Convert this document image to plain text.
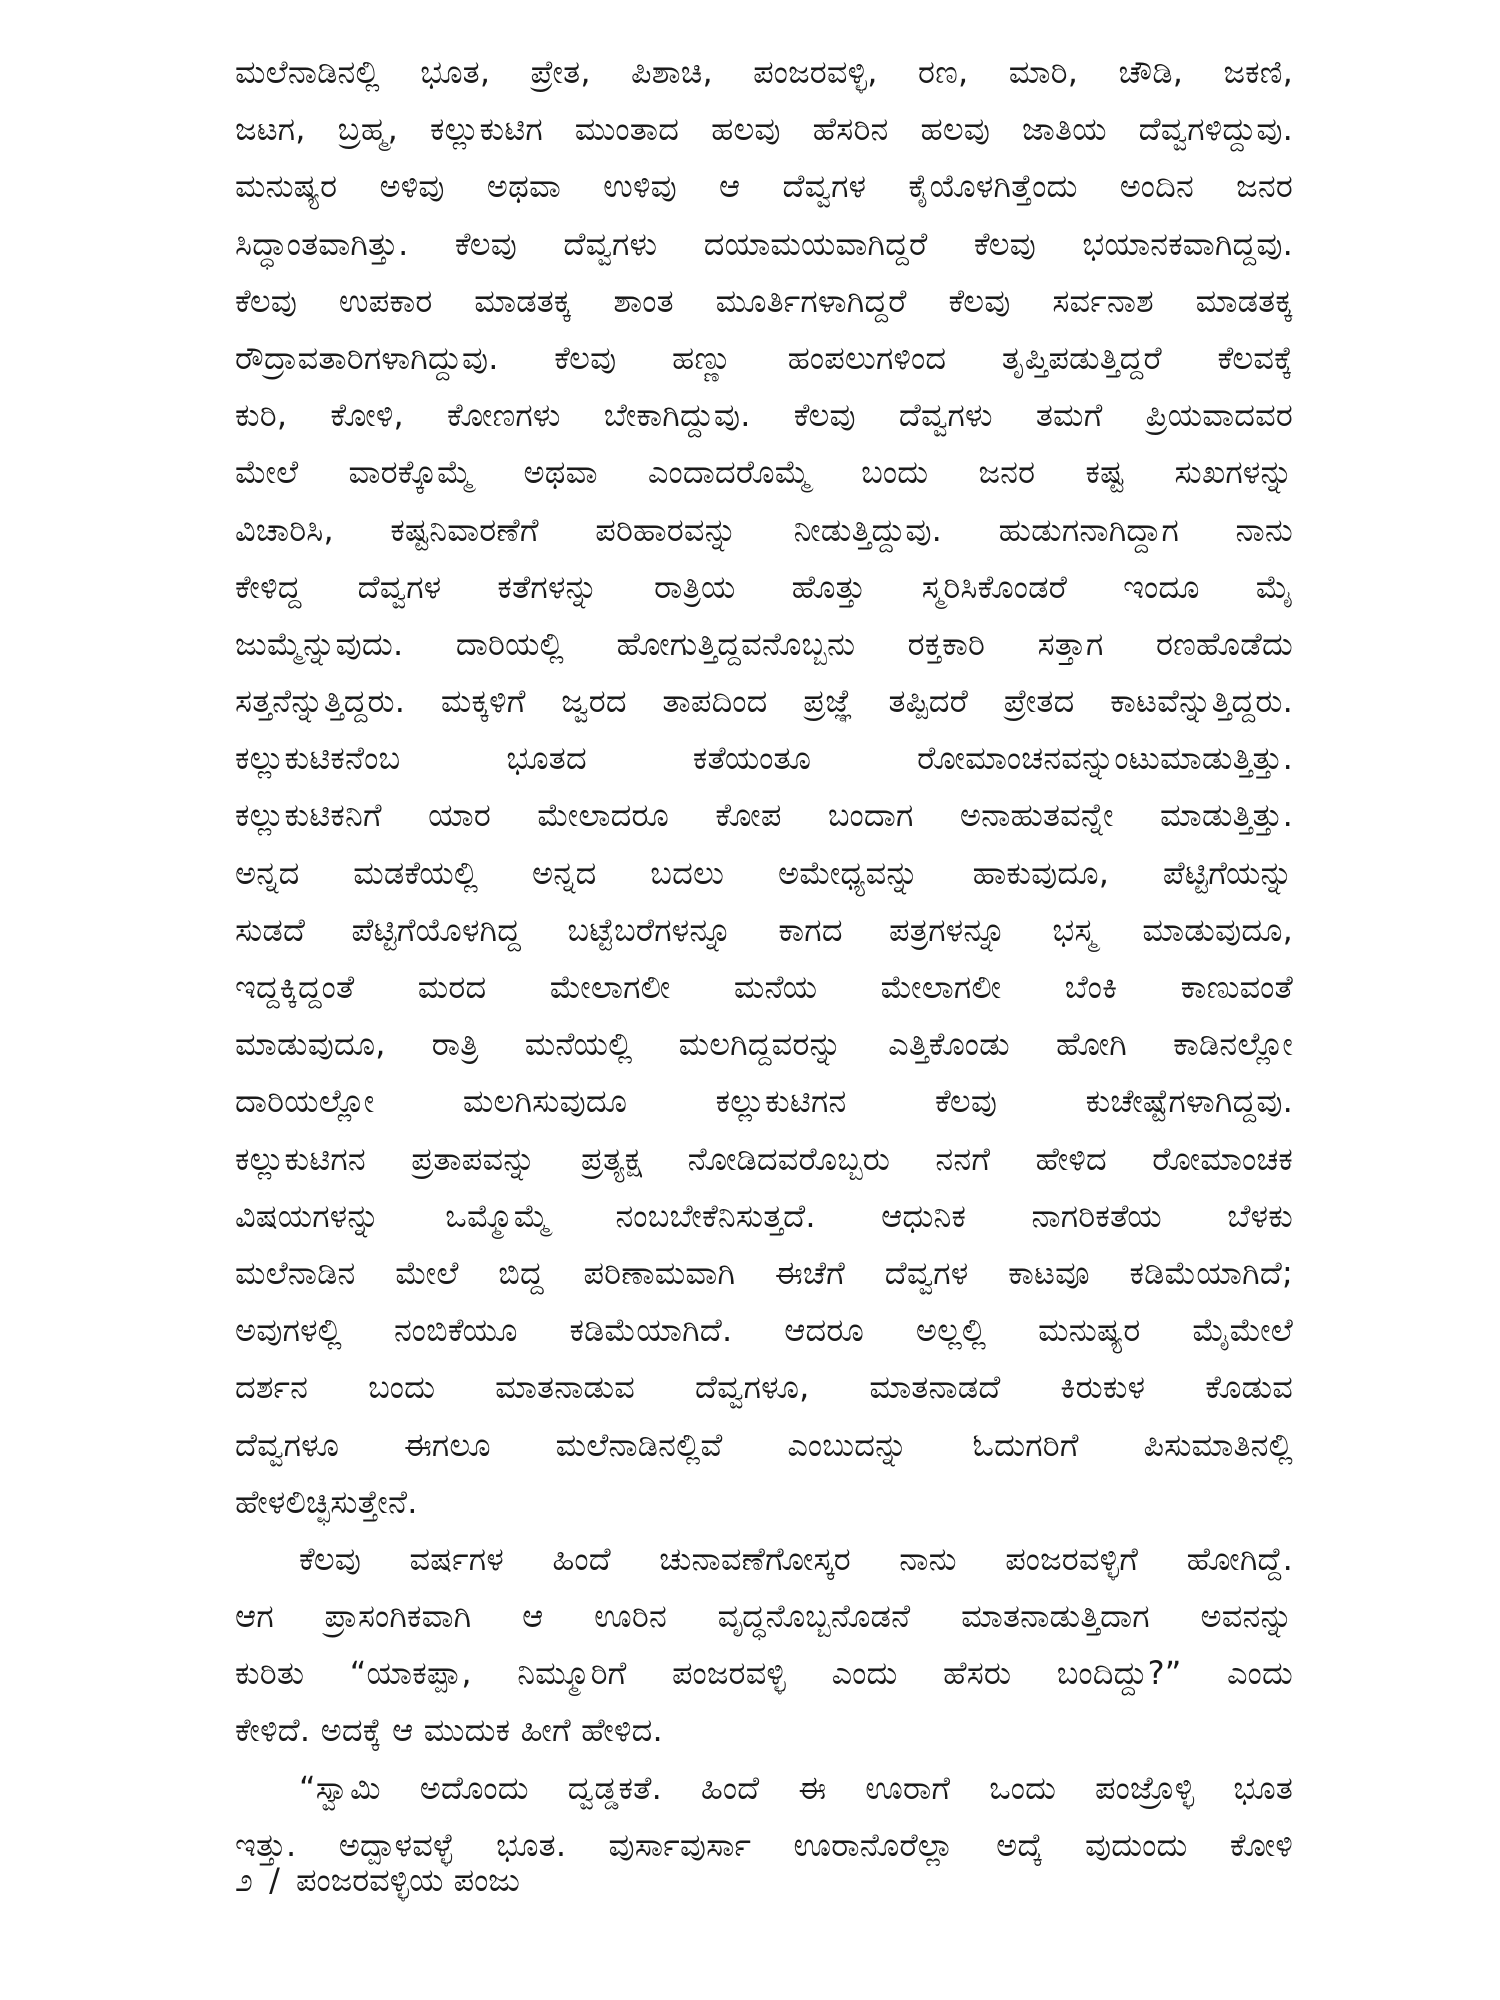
ಮಲೆನಾಡಿನಲ್ಲಿ ಭೂತ, ಪ್ರೇತ, ಪಿಶಾಚಿ, ಪಂಜರವಳ್ಳಿ, ರಣ, ಮಾರಿ, ಚೌಡಿ, ಜಕಣಿ,
ಜಟಗ, ಬ್ರಹ್ಮ, ಕಲ್ಲುಕುಟಿಗ ಮುಂತಾದ ಹಲವು ಹೆಸರಿನ ಹಲವು ಜಾತಿಯ ದೆವ್ವಗಳಿದ್ದುವು.
ಮನುಷ್ಯರ ಅಳಿವು ಅಥವಾ ಉಳಿವು ಆ ದೆವ್ವಗಳ ಕೈಯೊಳಗಿತ್ತೆಂದು ಅಂದಿನ ಜನರ
ಸಿದ್ಧಾಂತವಾಗಿತ್ತು. ಕೆಲವು ದೆವ್ವಗಳು ದಯಾಮಯವಾಗಿದ್ದರೆ ಕೆಲವು ಭಯಾನಕವಾಗಿದ್ದವು.
ಕೆಲವು ಉಪಕಾರ ಮಾಡತಕ್ಕ ಶಾಂತ ಮೂರ್ತಿಗಳಾಗಿದ್ದರೆ ಕೆಲವು ಸರ್ವನಾಶ ಮಾಡತಕ್ಕ
ರೌದ್ರಾವತಾರಿಗಳಾಗಿದ್ದುವು. ಕೆಲವು ಹಣ್ಣು ಹಂಪಲುಗಳಿಂದ ತೃಪ್ತಿಪಡುತ್ತಿದ್ದರೆ ಕೆಲವಕ್ಕೆ
ಕುರಿ, ಕೋಳಿ, ಕೋಣಗಳು ಬೇಕಾಗಿದ್ದುವು. ಕೆಲವು ದೆವ್ವಗಳು ತಮಗೆ ಪ್ರಿಯವಾದವರ
ಮೇಲೆ ವಾರಕ್ಕೊಮ್ಮೆ ಅಥವಾ ಎಂದಾದರೊಮ್ಮೆ ಬಂದು ಜನರ ಕಷ್ಟ ಸುಖಗಳನ್ನು
ವಿಚಾರಿಸಿ, ಕಷ್ಟನಿವಾರಣೆಗೆ ಪರಿಹಾರವನ್ನು ನೀಡುತ್ತಿದ್ದುವು. ಹುಡುಗನಾಗಿದ್ದಾಗ ನಾನು
ಕೇಳಿದ್ದ ದೆವ್ವಗಳ ಕತೆಗಳನ್ನು ರಾತ್ರಿಯ ಹೊತ್ತು ಸ್ಮರಿಸಿಕೊಂಡರೆ ಇಂದೂ ಮೈ
ಜುಮ್ಮೆನ್ನುವುದು. ದಾರಿಯಲ್ಲಿ ಹೋಗುತ್ತಿದ್ದವನೊಬ್ಬನು ರಕ್ತಕಾರಿ ಸತ್ತಾಗ ರಣಹೊಡೆದು
ಸತ್ತನೆನ್ನುತ್ತಿದ್ದರು. ಮಕ್ಕಳಿಗೆ ಜ್ವರದ ತಾಪದಿಂದ ಪ್ರಜ್ಞೆ ತಪ್ಪಿದರೆ ಪ್ರೇತದ ಕಾಟವೆನ್ನುತ್ತಿದ್ದರು.
ಕಲ್ಲುಕುಟಿಕನೆಂಬ ಭೂತದ ಕತೆಯಂತೂ ರೋಮಾಂಚನವನ್ನುಂಟುಮಾಡುತ್ತಿತ್ತು.
ಕಲ್ಲುಕುಟಿಕನಿಗೆ ಯಾರ ಮೇಲಾದರೂ ಕೋಪ ಬಂದಾಗ ಅನಾಹುತವನ್ನೇ ಮಾಡುತ್ತಿತ್ತು.
ಅನ್ನದ ಮಡಕೆಯಲ್ಲಿ ಅನ್ನದ ಬದಲು ಅಮೇಧ್ಯವನ್ನು ಹಾಕುವುದೂ, ಪೆಟ್ಟಿಗೆಯನ್ನು
ಸುಡದೆ ಪೆಟ್ಟಿಗೆಯೊಳಗಿದ್ದ ಬಟ್ಟೆಬರೆಗಳನ್ನೂ ಕಾಗದ ಪತ್ರಗಳನ್ನೂ ಭಸ್ಮ ಮಾಡುವುದೂ,
ಇದ್ದಕ್ಕಿದ್ದಂತೆ ಮರದ ಮೇಲಾಗಲೀ ಮನೆಯ ಮೇಲಾಗಲೀ ಬೆಂಕಿ ಕಾಣುವಂತೆ
ಮಾಡುವುದೂ, ರಾತ್ರಿ ಮನೆಯಲ್ಲಿ ಮಲಗಿದ್ದವರನ್ನು ಎತ್ತಿಕೊಂಡು ಹೋಗಿ ಕಾಡಿನಲ್ಲೋ
ದಾರಿಯಲ್ಲೋ ಮಲಗಿಸುವುದೂ ಕಲ್ಲುಕುಟಿಗನ ಕೆಲವು ಕುಚೇಷ್ಟೆಗಳಾಗಿದ್ದವು.
ಕಲ್ಲುಕುಟಿಗನ ಪ್ರತಾಪವನ್ನು ಪ್ರತ್ಯಕ್ಷ ನೋಡಿದವರೊಬ್ಬರು ನನಗೆ ಹೇಳಿದ ರೋಮಾಂಚಕ
ವಿಷಯಗಳನ್ನು ಒಮ್ಮೊಮ್ಮೆ ನಂಬಬೇಕೆನಿಸುತ್ತದೆ. ಆಧುನಿಕ ನಾಗರಿಕತೆಯ ಬೆಳಕು
ಮಲೆನಾಡಿನ ಮೇಲೆ ಬಿದ್ದ ಪರಿಣಾಮವಾಗಿ ಈಚೆಗೆ ದೆವ್ವಗಳ ಕಾಟವೂ ಕಡಿಮೆಯಾಗಿದೆ;
ಅವುಗಳಲ್ಲಿ ನಂಬಿಕೆಯೂ ಕಡಿಮೆಯಾಗಿದೆ. ಆದರೂ ಅಲ್ಲಲ್ಲಿ ಮನುಷ್ಯರ ಮೈಮೇಲೆ
ದರ್ಶನ ಬಂದು ಮಾತನಾಡುವ ದೆವ್ವಗಳೂ, ಮಾತನಾಡದೆ ಕಿರುಕುಳ ಕೊಡುವ
ದೆವ್ವಗಳೂ ಈಗಲೂ ಮಲೆನಾಡಿನಲ್ಲಿವೆ ಎಂಬುದನ್ನು ಓದುಗರಿಗೆ ಪಿಸುಮಾತಿನಲ್ಲಿ
ಹೇಳಲಿಚ್ಛಿಸುತ್ತೇನೆ.
ಕೆಲವು ವರ್ಷಗಳ ಹಿಂದೆ ಚುನಾವಣೆಗೋಸ್ಕರ ನಾನು ಪಂಜರವಳ್ಳಿಗೆ ಹೋಗಿದ್ದೆ.
ಆಗ ಪ್ರಾಸಂಗಿಕವಾಗಿ ಆ ಊರಿನ ವೃದ್ಧನೊಬ್ಬನೊಡನೆ ಮಾತನಾಡುತ್ತಿದಾಗ ಅವನನ್ನು
ಕುರಿತು “ಯಾಕಪ್ಪಾ, ನಿಮ್ಮೂರಿಗೆ ಪಂಜರವಳ್ಳಿ ಎಂದು ಹೆಸರು ಬಂದಿದ್ದು?” ಎಂದು
ಕೇಳಿದೆ. ಅದಕ್ಕೆ ಆ ಮುದುಕ ಹೀಗೆ ಹೇಳಿದ.
“ಸ್ವಾಮಿ ಅದೊಂದು ದ್ವಡ್ಡಕತೆ. ಹಿಂದೆ ಈ ಊರಾಗೆ ಒಂದು ಪಂಜ್ರೊಳ್ಳಿ ಭೂತ
ಇತ್ತು. ಅದ್ಪಾಳವಳ್ಳೆ ಭೂತ. ವುರ್ಸಾವುರ್ಸಾ ಊರಾನೊರೆಲ್ಲಾ ಅದ್ಕೆ ವುದುಂದು ಕೋಳಿ
೨ / ಪಂಜರವಳ್ಳಿಯ ಪಂಜು
